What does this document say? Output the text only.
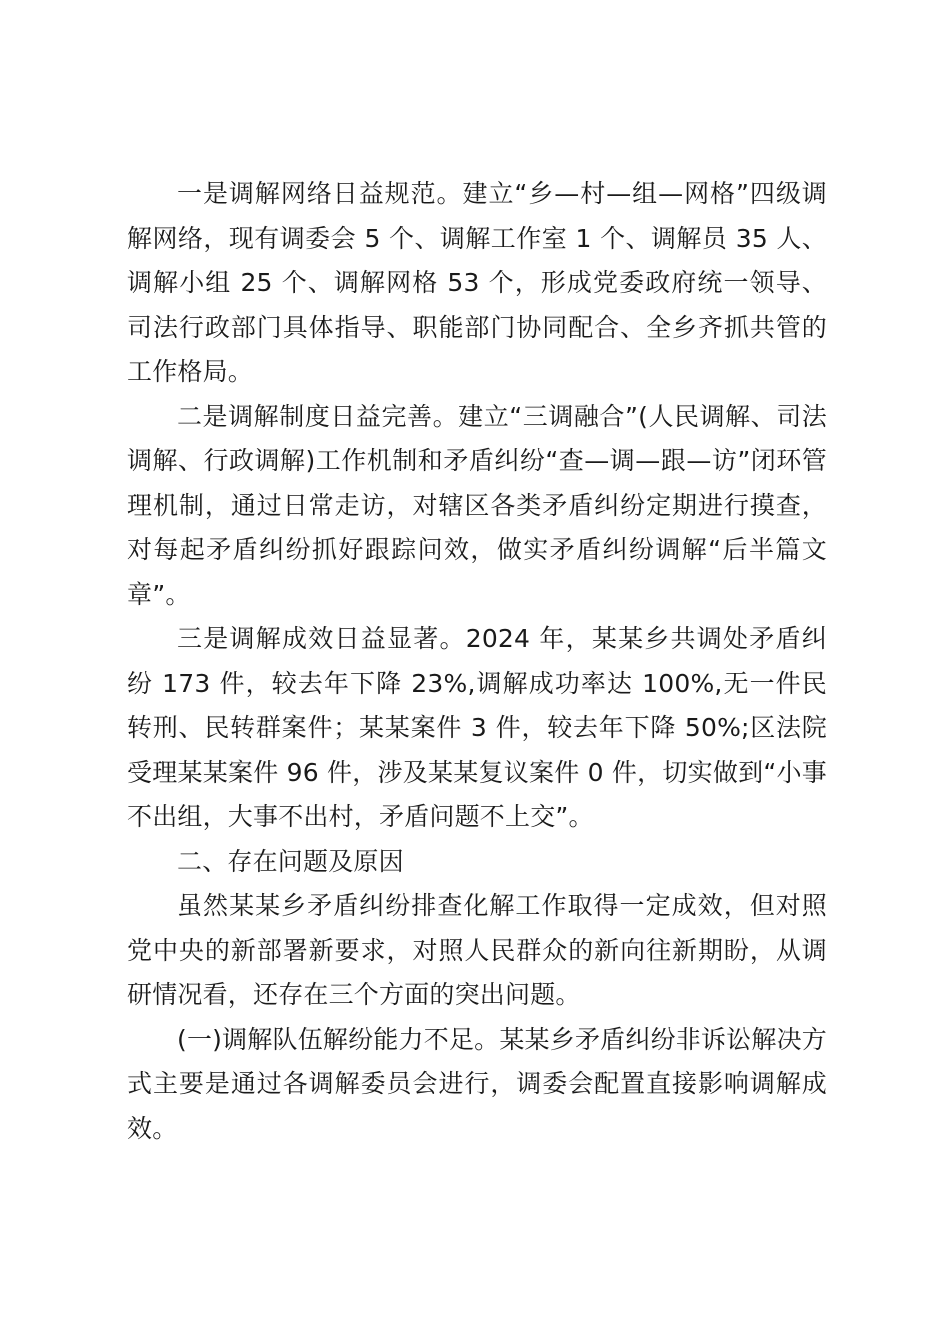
一是调解网络日益规范。建立“乡—村—组—网格”四级调解网络，现有调委会 5 个、调解工作室 1 个、调解员 35 人、调解小组 25 个、调解网格 53 个，形成党委政府统一领导、司法行政部门具体指导、职能部门协同配合、全乡齐抓共管的工作格局。

二是调解制度日益完善。建立“三调融合”(人民调解、司法调解、行政调解)工作机制和矛盾纠纷“查—调—跟—访”闭环管理机制，通过日常走访，对辖区各类矛盾纠纷定期进行摸查，对每起矛盾纠纷抓好跟踪问效，做实矛盾纠纷调解“后半篇文章”。

三是调解成效日益显著。2024 年，某某乡共调处矛盾纠纷 173 件，较去年下降 23%,调解成功率达 100%,无一件民转刑、民转群案件；某某案件 3 件，较去年下降 50%;区法院受理某某案件 96 件，涉及某某复议案件 0 件，切实做到“小事不出组，大事不出村，矛盾问题不上交”。

二、存在问题及原因

虽然某某乡矛盾纠纷排查化解工作取得一定成效，但对照党中央的新部署新要求，对照人民群众的新向往新期盼，从调研情况看，还存在三个方面的突出问题。

(一)调解队伍解纷能力不足。某某乡矛盾纠纷非诉讼解决方式主要是通过各调解委员会进行，调委会配置直接影响调解成效。
